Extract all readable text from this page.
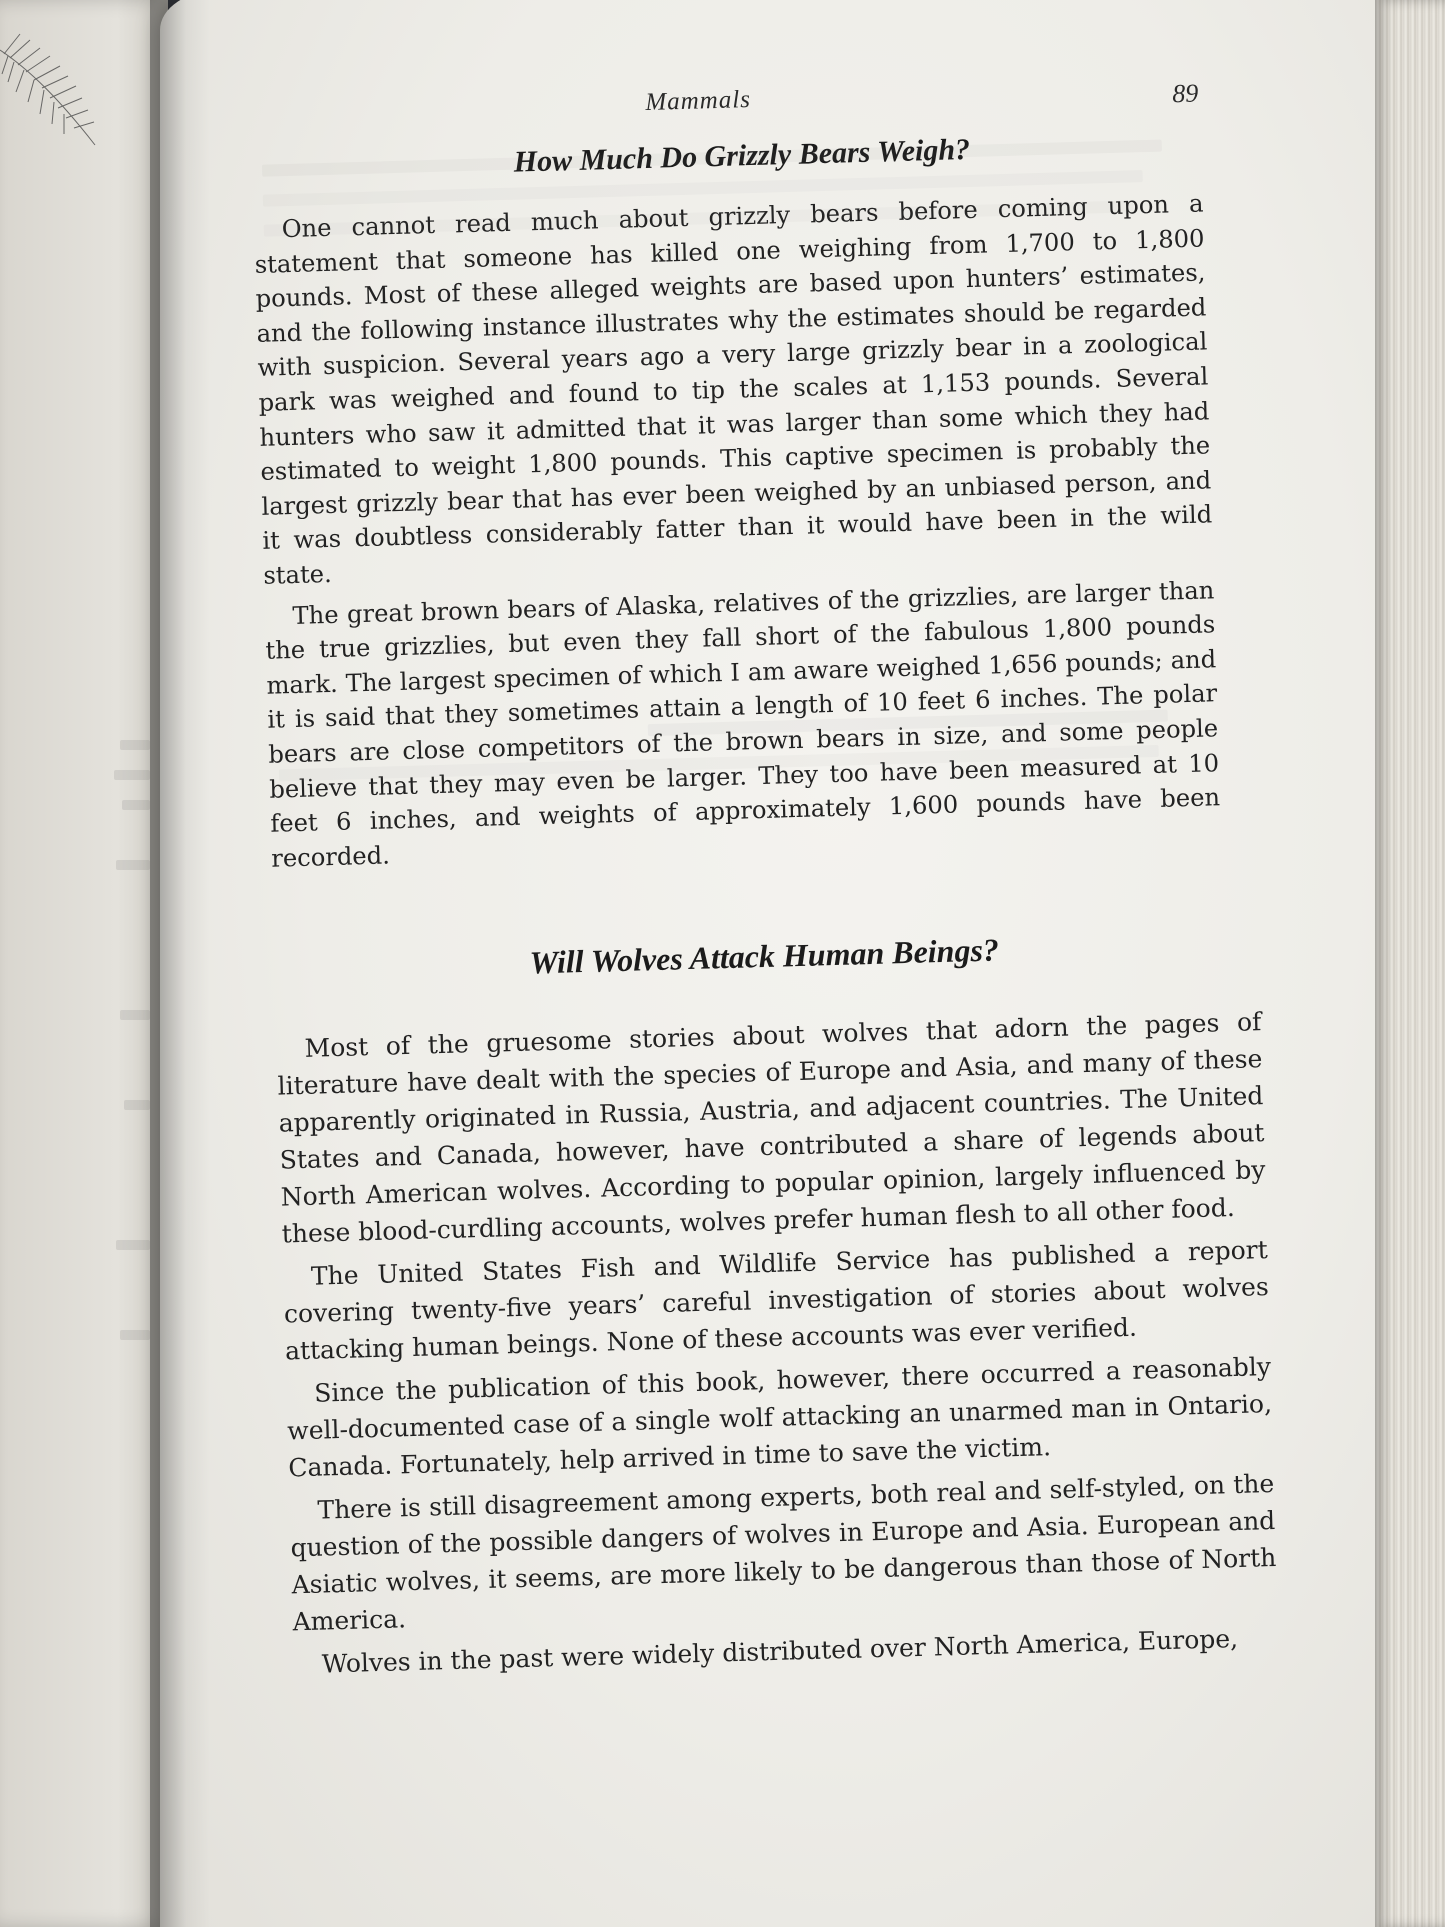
Mammals	89
How Much Do Grizzly Bears Weigh?

One cannot read much about grizzly bears before coming upon a statement that someone has killed one weighing from 1,700 to 1,800 pounds. Most of these alleged weights are based upon hunters’ estimates, and the following instance illustrates why the estimates should be regarded with suspicion. Several years ago a very large grizzly bear in a zoological park was weighed and found to tip the scales at 1,153 pounds. Several hunters who saw it admitted that it was larger than some which they had estimated to weight 1,800 pounds. This captive specimen is probably the largest grizzly bear that has ever been weighed by an unbiased person, and it was doubtless considerably fatter than it would have been in the wild state.

The great brown bears of Alaska, relatives of the grizzlies, are larger than the true grizzlies, but even they fall short of the fabulous 1,800 pounds mark. The largest specimen of which I am aware weighed 1,656 pounds; and it is said that they sometimes attain a length of 10 feet 6 inches. The polar bears are close competitors of the brown bears in size, and some people believe that they may even be larger. They too have been measured at 10 feet 6 inches, and weights of approximately 1,600 pounds have been recorded.

Will Wolves Attack Human Beings?

Most of the gruesome stories about wolves that adorn the pages of literature have dealt with the species of Europe and Asia, and many of these apparently originated in Russia, Austria, and adjacent countries. The United States and Canada, however, have contributed a share of legends about North American wolves. According to popular opinion, largely influenced by these blood-curdling accounts, wolves prefer human flesh to all other food.

The United States Fish and Wildlife Service has published a report covering twenty-five years’ careful investigation of stories about wolves attacking human beings. None of these accounts was ever verified.

Since the publication of this book, however, there occurred a reasonably well-documented case of a single wolf attacking an unarmed man in Ontario, Canada. Fortunately, help arrived in time to save the victim.

There is still disagreement among experts, both real and self-styled, on the question of the possible dangers of wolves in Europe and Asia. European and Asiatic wolves, it seems, are more likely to be dangerous than those of North America.

Wolves in the past were widely distributed over North America, Europe,
